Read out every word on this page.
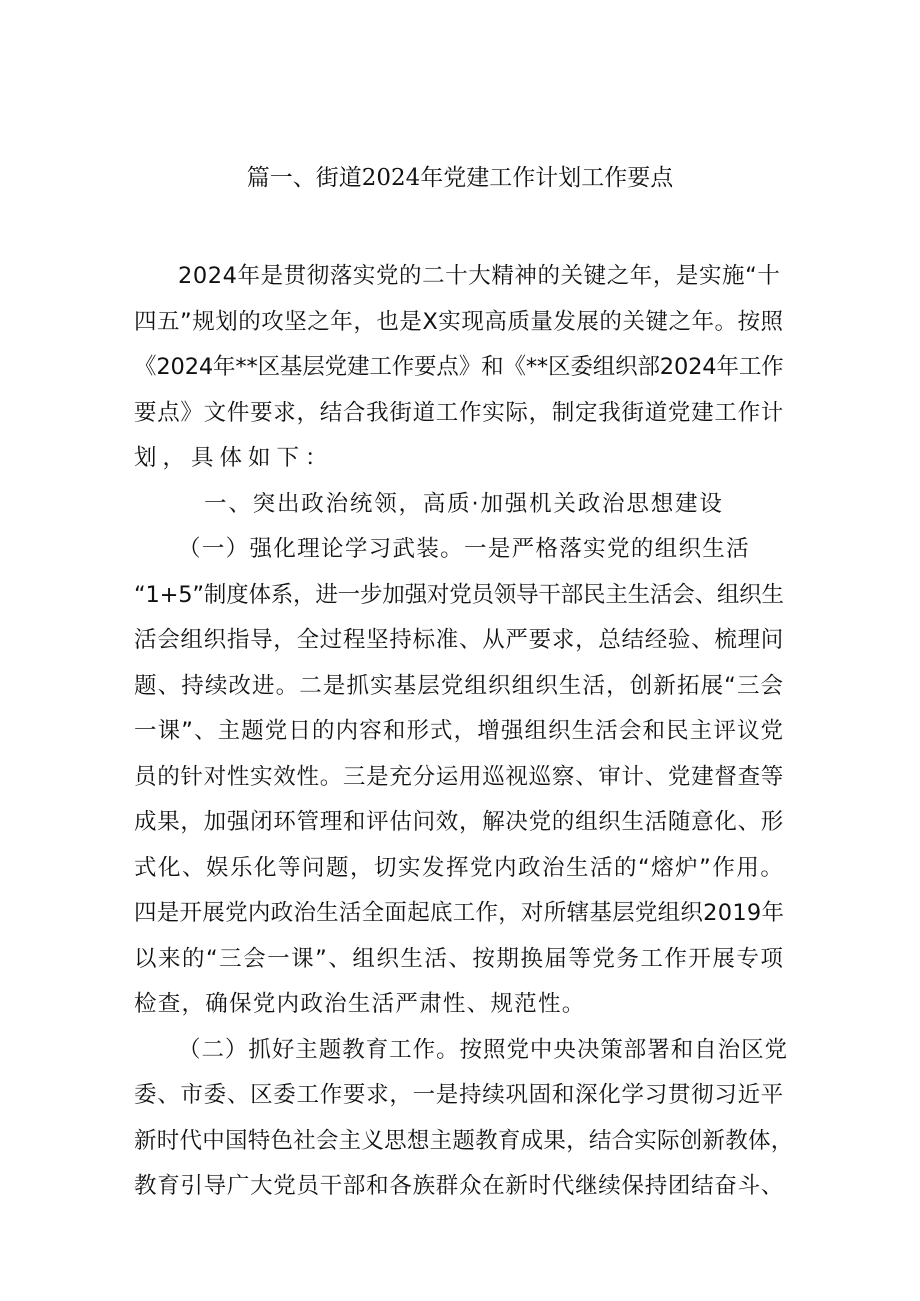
篇一、街道2024年党建工作计划工作要点
2024年是贯彻落实党的二十大精神的关键之年，是实施“十
四五”规划的攻坚之年，也是X实现高质量发展的关键之年。按照
《2024年**区基层党建工作要点》和《**区委组织部2024年工作
要点》文件要求，结合我街道工作实际，制定我街道党建工作计
划，具体如下：
一、突出政治统领，高质·加强机关政治思想建设
（一）强化理论学习武装。一是严格落实党的组织生活
“1+5”制度体系，进一步加强对党员领导干部民主生活会、组织生
活会组织指导，全过程坚持标准、从严要求，总结经验、梳理问
题、持续改进。二是抓实基层党组织组织生活，创新拓展“三会
一课”、主题党日的内容和形式，增强组织生活会和民主评议党
员的针对性实效性。三是充分运用巡视巡察、审计、党建督查等
成果，加强闭环管理和评估问效，解决党的组织生活随意化、形
式化、娱乐化等问题，切实发挥党内政治生活的“熔炉”作用。
四是开展党内政治生活全面起底工作，对所辖基层党组织2019年
以来的“三会一课”、组织生活、按期换届等党务工作开展专项
检查，确保党内政治生活严肃性、规范性。
（二）抓好主题教育工作。按照党中央决策部署和自治区党
委、市委、区委工作要求，一是持续巩固和深化学习贯彻习近平
新时代中国特色社会主义思想主题教育成果，结合实际创新教体，
教育引导广大党员干部和各族群众在新时代继续保持团结奋斗、
